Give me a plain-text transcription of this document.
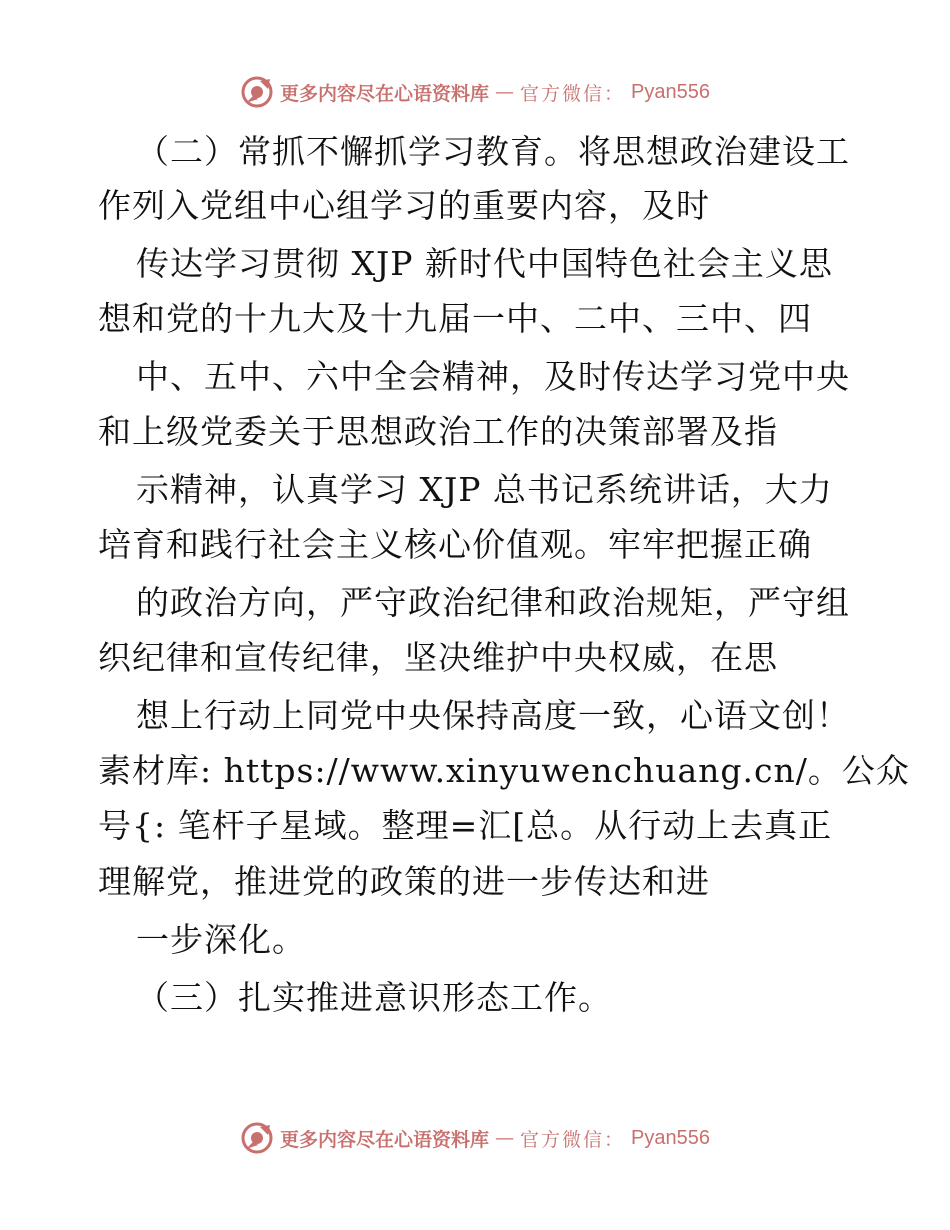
更多内容尽在心语资料库 — 官方微信： Pyan556
（二）常抓不懈抓学习教育。将思想政治建设工
作列入党组中心组学习的重要内容，及时
传达学习贯彻 XJP 新时代中国特色社会主义思
想和党的十九大及十九届一中、二中、三中、四
中、五中、六中全会精神，及时传达学习党中央
和上级党委关于思想政治工作的决策部署及指
示精神，认真学习 XJP 总书记系统讲话，大力
培育和践行社会主义核心价值观。牢牢把握正确
的政治方向，严守政治纪律和政治规矩，严守组
织纪律和宣传纪律，坚决维护中央权威，在思
想上行动上同党中央保持高度一致，心语文创！
素材库: https://www.xinyuwenchuang.cn/。公众
号{: 笔杆子星域。整理=汇[总。从行动上去真正
理解党，推进党的政策的进一步传达和进
一步深化。
（三）扎实推进意识形态工作。
更多内容尽在心语资料库 — 官方微信： Pyan556
